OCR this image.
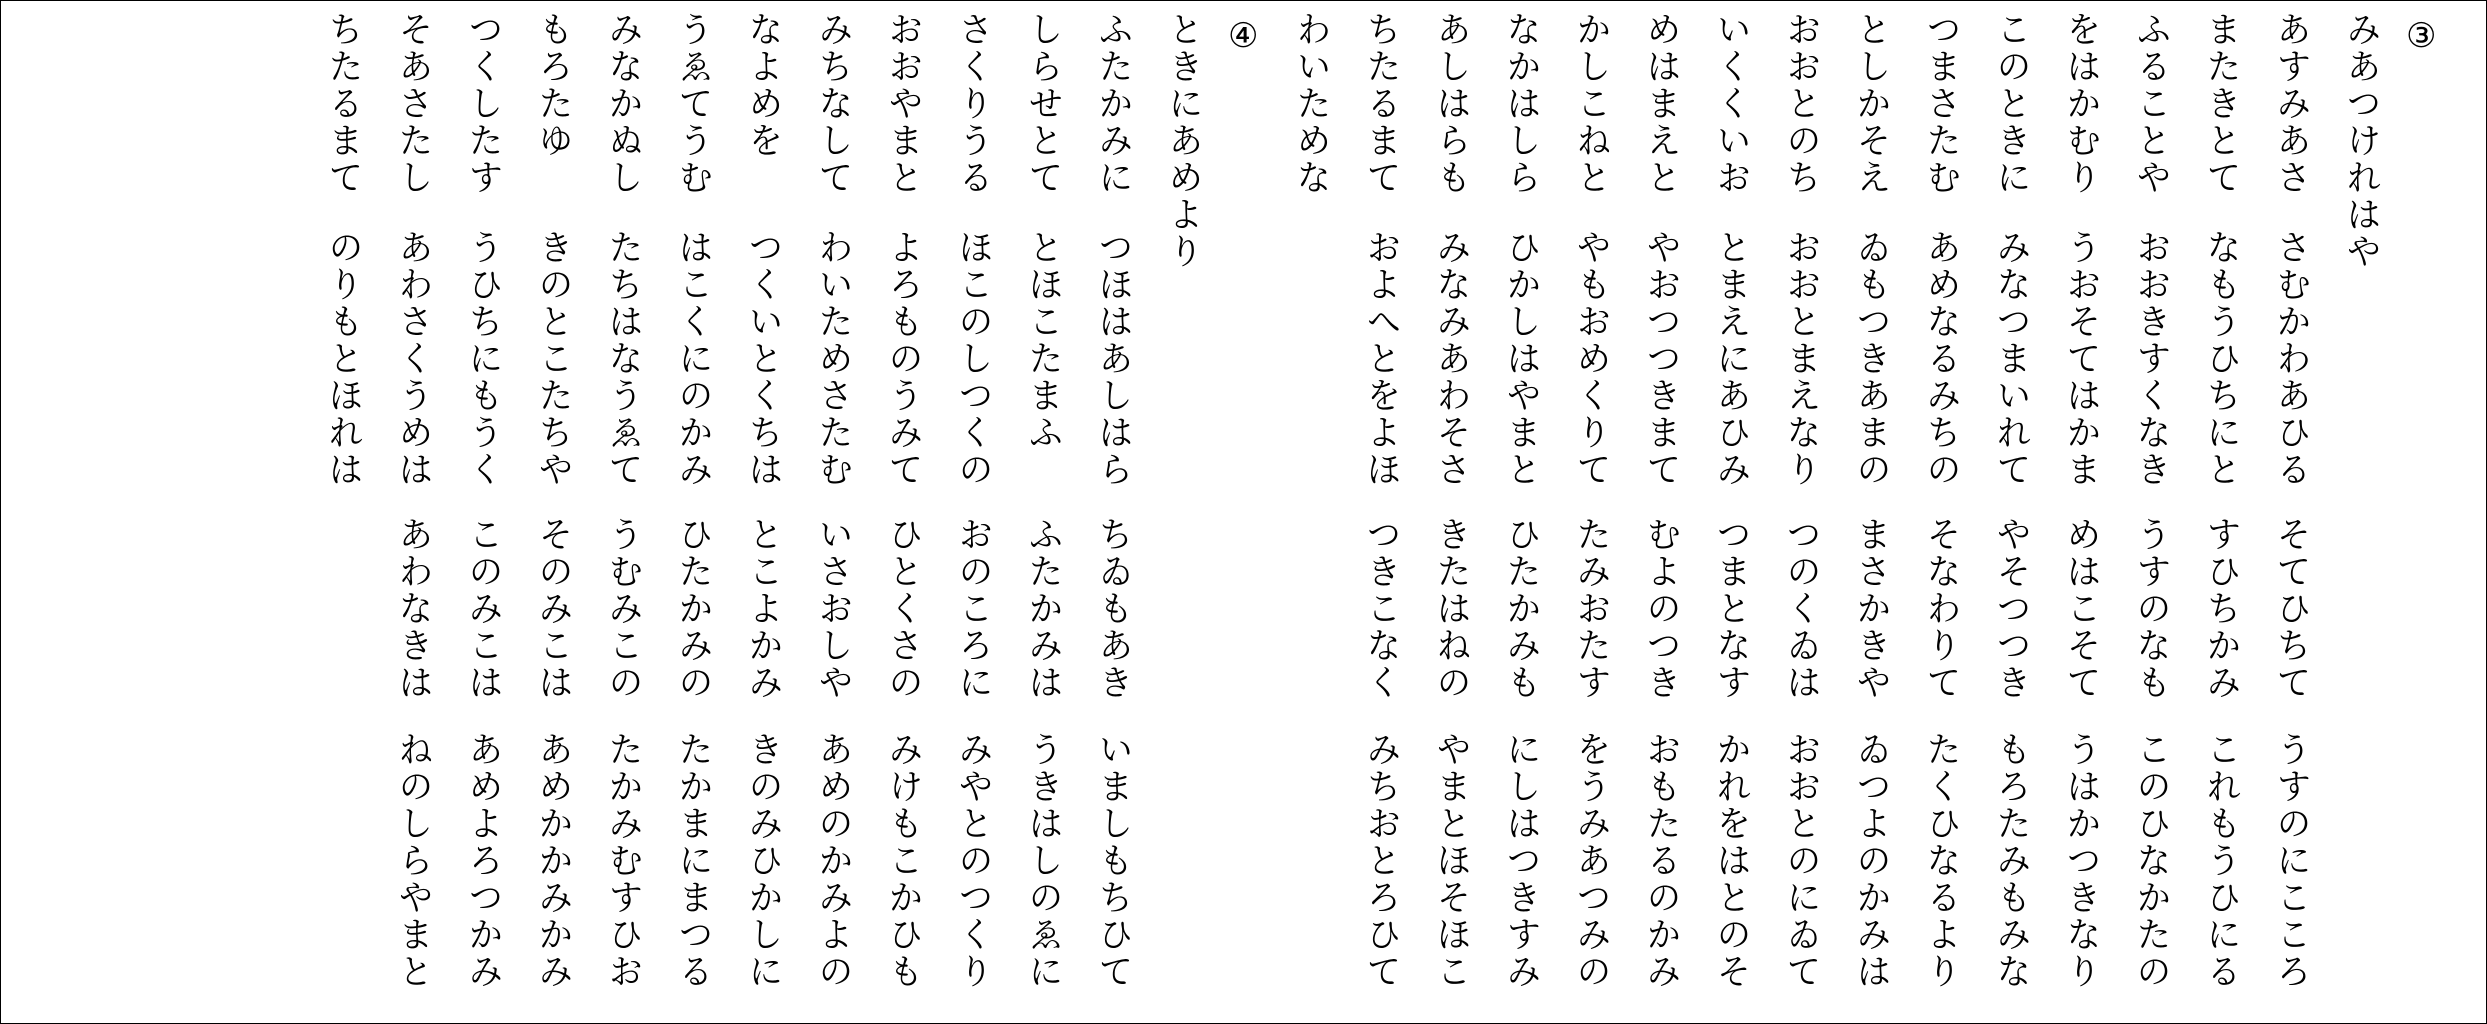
③
みあつけれはや
あすみあさ
さむかわあひる
そてひちて
うすのにこころ
またきとて
なもうひちにと
すひちかみ
これもうひにる
ふることや
おおきすくなき
うすのなも
このひなかたの
をはかむり
うおそてはかま
めはこそて
うはかつきなり
このときに
みなつまいれて
やそつつき
もろたみもみな
つまさたむ
あめなるみちの
そなわりて
たくひなるより
としかそえ
ゐもつきあまの
まさかきや
ゐつよのかみは
おおとのち
おおとまえなり
つのくゐは
おおとのにゐて
いくくいお
とまえにあひみ
つまとなす
かれをはとのそ
めはまえと
やおつつきまて
むよのつき
おもたるのかみ
かしこねと
やもおめくりて
たみおたす
をうみあつみの
なかはしら
ひかしはやまと
ひたかみも
にしはつきすみ
あしはらも
みなみあわそさ
きたはねの
やまとほそほこ
ちたるまて
およへとをよほ
つきこなく
みちおとろひて
わいためな
④
ときにあめより
ふたかみに
つほはあしはら
ちゐもあき
いましもちひて
しらせとて
とほこたまふ
ふたかみは
うきはしのゑに
さくりうる
ほこのしつくの
おのころに
みやとのつくり
おおやまと
よろものうみて
ひとくさの
みけもこかひも
みちなして
わいためさたむ
いさおしや
あめのかみよの
なよめを
つくいとくちは
とこよかみ
きのみひかしに
うゑてうむ
はこくにのかみ
ひたかみの
たかまにまつる
みなかぬし
たちはなうゑて
うむみこの
たかみむすひお
もろたゆ
きのとこたちや
そのみこは
あめかかみかみ
つくしたす
うひちにもうく
このみこは
あめよろつかみ
そあさたし
あわさくうめは
あわなきは
ねのしらやまと
ちたるまて
のりもとほれは
